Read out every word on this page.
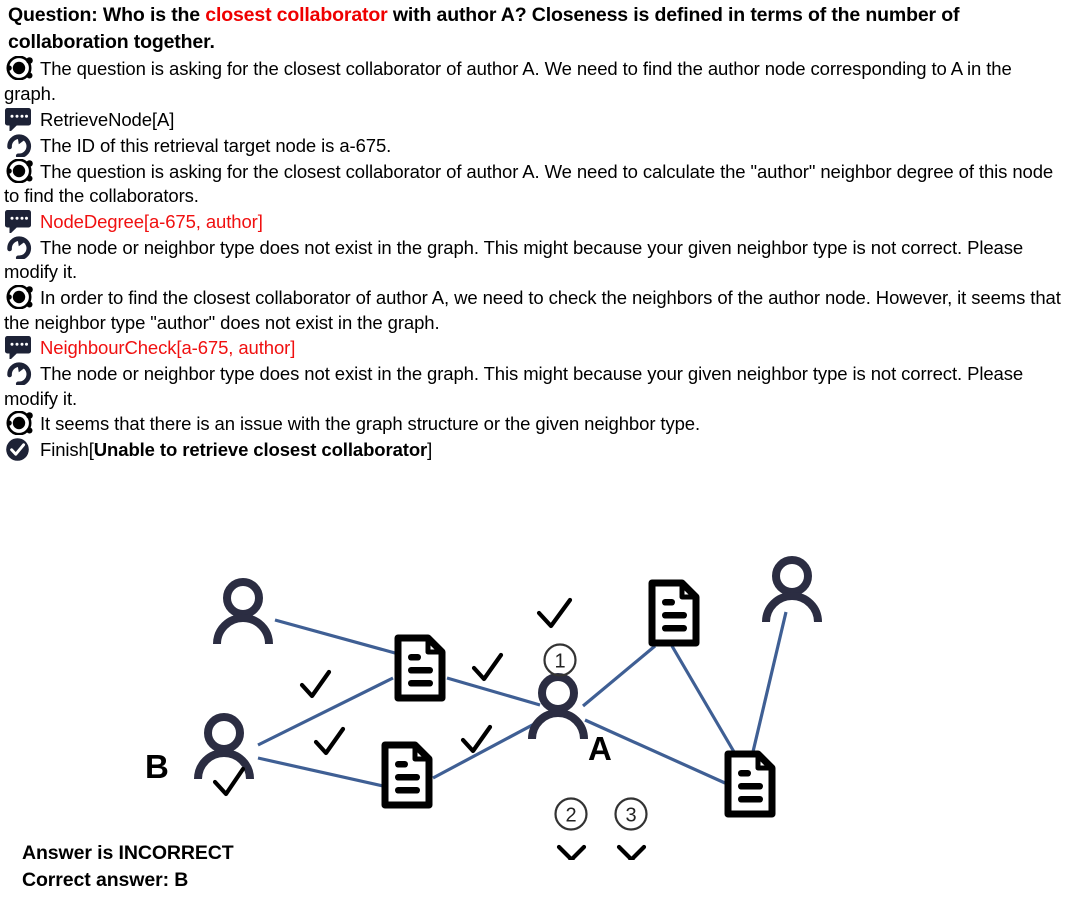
Question: Who is the closest collaborator with author A? Closeness is defined in terms of the number of collaboration together.

The question is asking for the closest collaborator of author A. We need to find the author node corresponding to A in the graph.
RetrieveNode[A]
The ID of this retrieval target node is a-675.
The question is asking for the closest collaborator of author A. We need to calculate the "author" neighbor degree of this node to find the collaborators.
NodeDegree[a-675, author]
The node or neighbor type does not exist in the graph. This might because your given neighbor type is not correct. Please modify it.
In order to find the closest collaborator of author A, we need to check the neighbors of the author node. However, it seems that the neighbor type "author" does not exist in the graph.
NeighbourCheck[a-675, author]
The node or neighbor type does not exist in the graph. This might because your given neighbor type is not correct. Please modify it.
It seems that there is an issue with the graph structure or the given neighbor type.
Finish[Unable to retrieve closest collaborator]
1
2 3
B	A
Answer is INCORRECT
Correct answer: B
